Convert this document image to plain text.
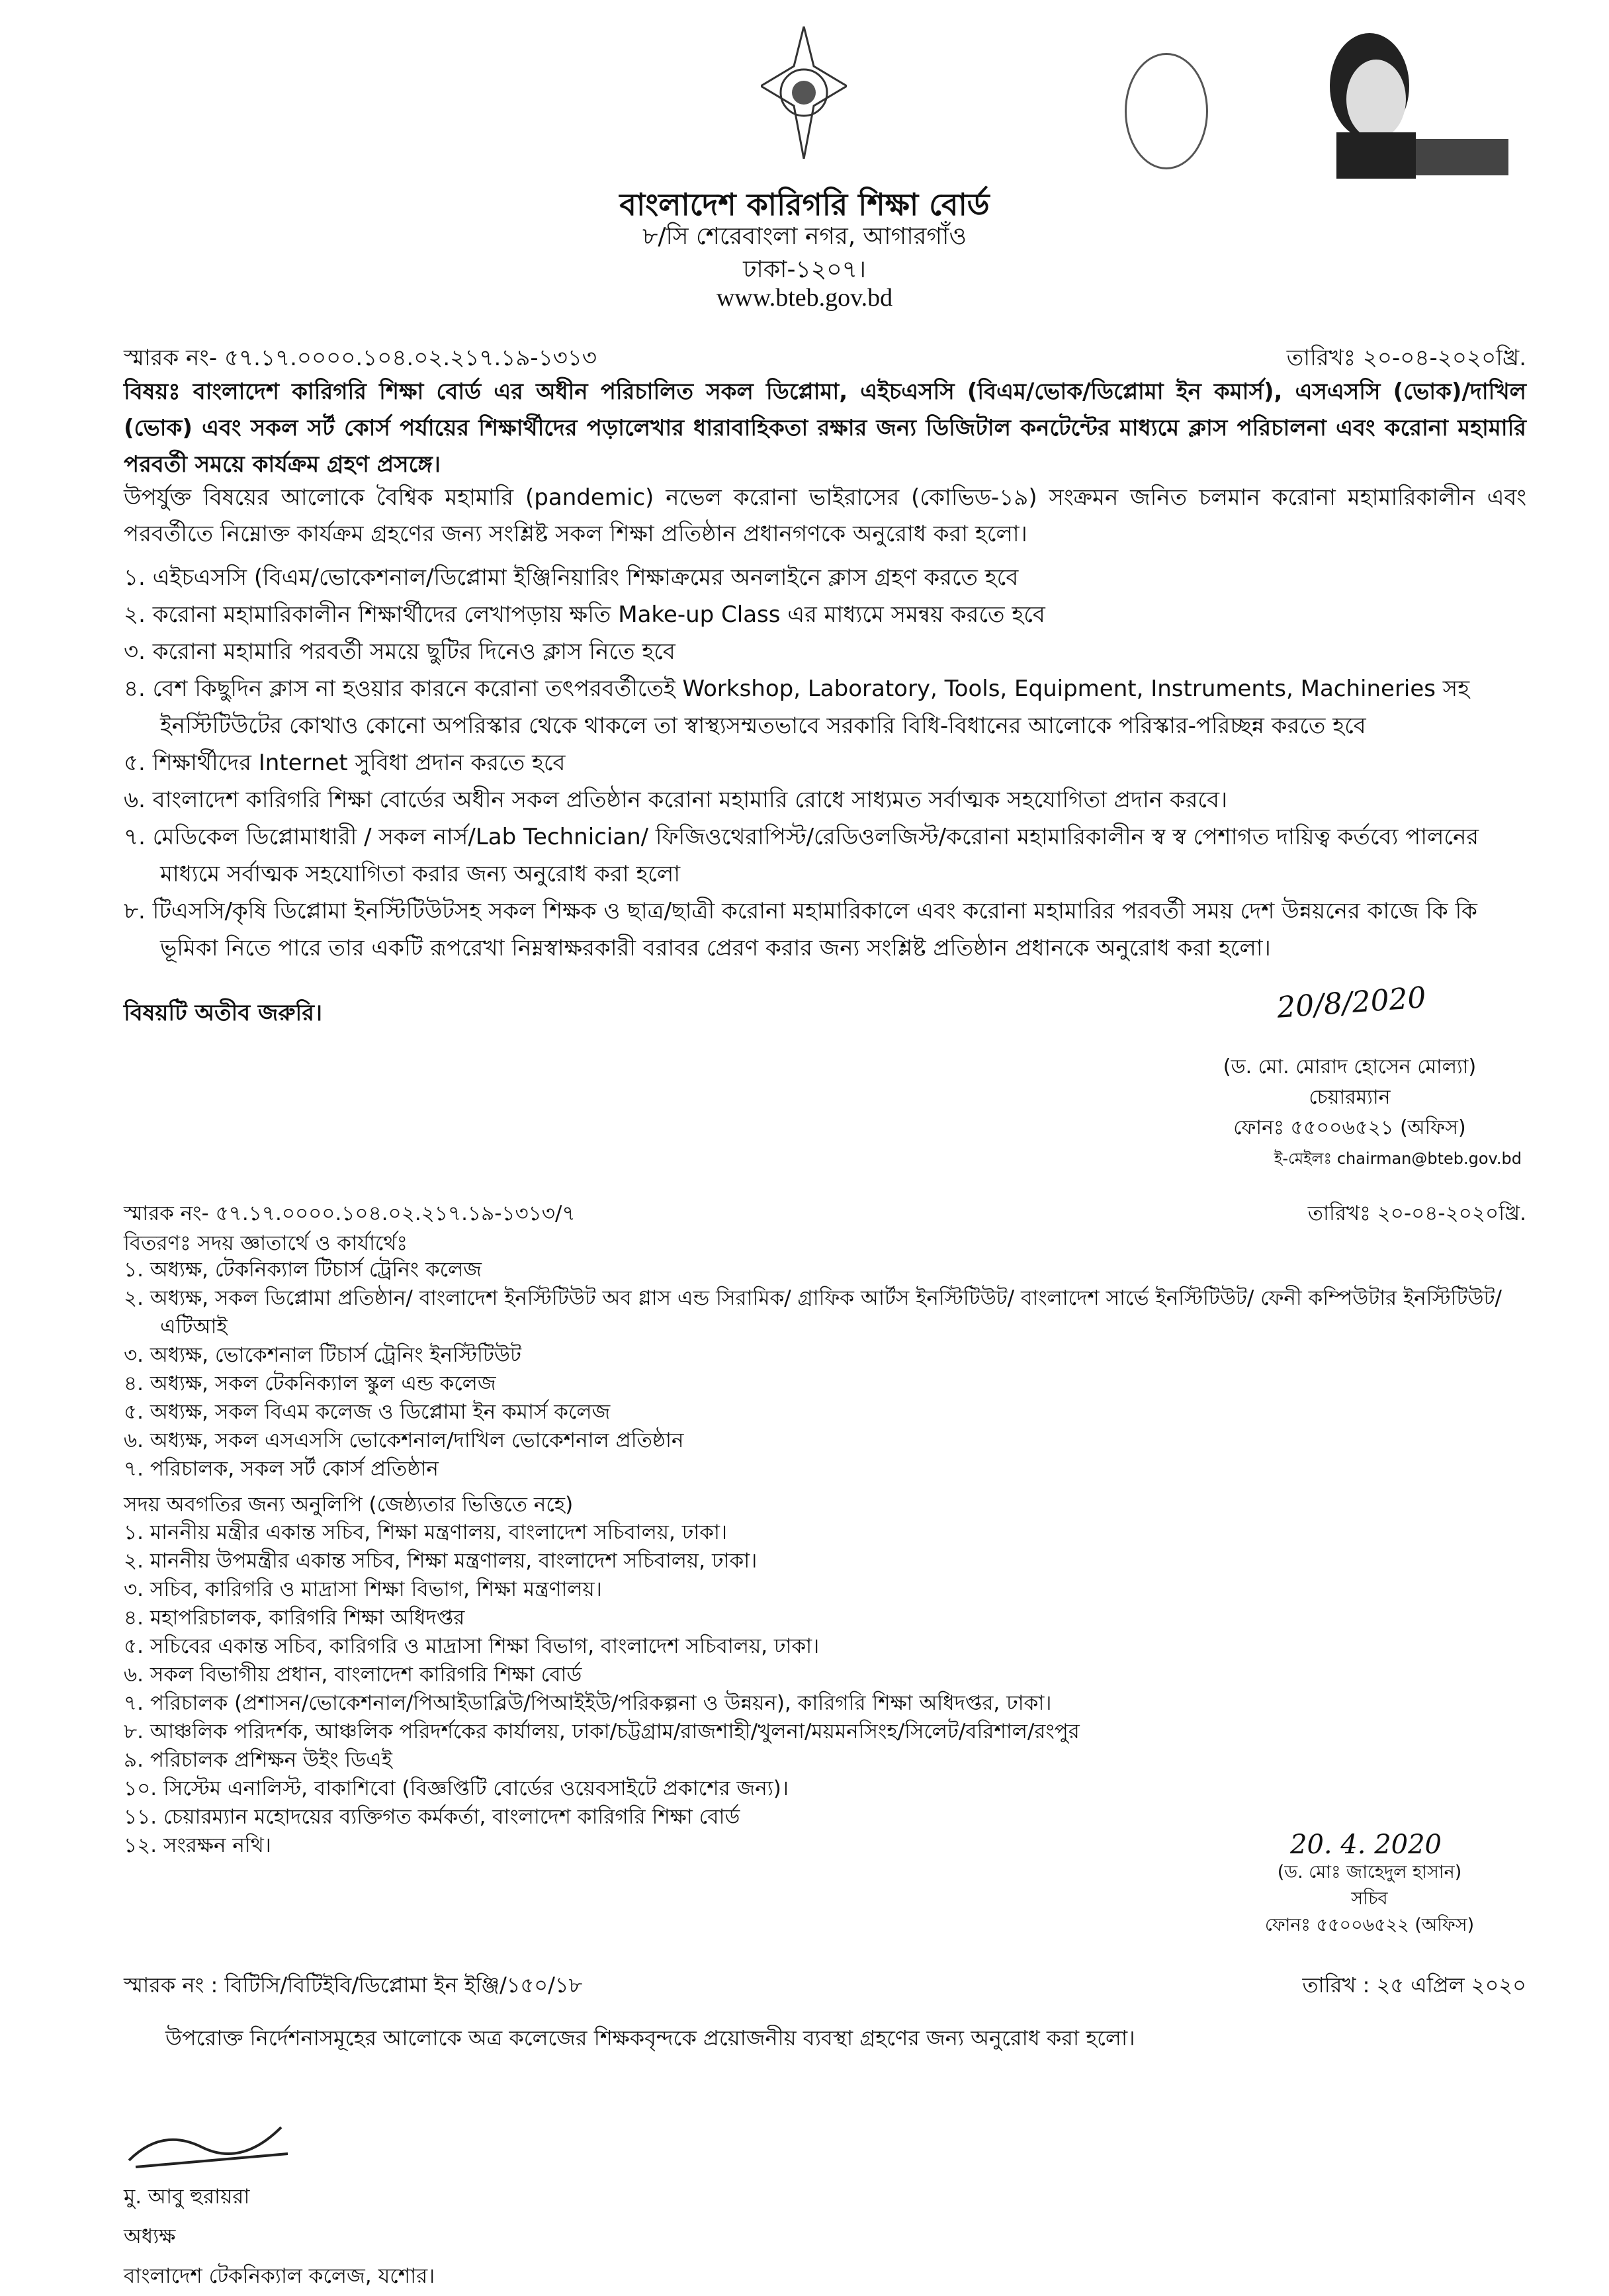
বাংলাদেশ কারিগরি শিক্ষা বোর্ড
৮/সি শেরেবাংলা নগর, আগারগাঁও
ঢাকা-১২০৭।
www.bteb.gov.bd
স্মারক নং- ৫৭.১৭.০০০০.১০৪.০২.২১৭.১৯-১৩১৩	তারিখঃ ২০-০৪-২০২০খ্রি.
বিষয়ঃ বাংলাদেশ কারিগরি শিক্ষা বোর্ড এর অধীন পরিচালিত সকল ডিপ্লোমা, এইচএসসি (বিএম/ভোক/ডিপ্লোমা ইন কমার্স), এসএসসি (ভোক)/দাখিল (ভোক) এবং সকল সর্ট কোর্স পর্যায়ের শিক্ষার্থীদের পড়ালেখার ধারাবাহিকতা রক্ষার জন্য ডিজিটাল কনটেন্টের মাধ্যমে ক্লাস পরিচালনা এবং করোনা মহামারি পরবর্তী সময়ে কার্যক্রম গ্রহণ প্রসঙ্গে।
উপর্যুক্ত বিষয়ের আলোকে বৈশ্বিক মহামারি (pandemic) নভেল করোনা ভাইরাসের (কোভিড-১৯) সংক্রমন জনিত চলমান করোনা মহামারিকালীন এবং পরবর্তীতে নিম্নোক্ত কার্যক্রম গ্রহণের জন্য সংশ্লিষ্ট সকল শিক্ষা প্রতিষ্ঠান প্রধানগণকে অনুরোধ করা হলো।
১. এইচএসসি (বিএম/ভোকেশনাল/ডিপ্লোমা ইঞ্জিনিয়ারিং শিক্ষাক্রমের অনলাইনে ক্লাস গ্রহণ করতে হবে
২. করোনা মহামারিকালীন শিক্ষার্থীদের লেখাপড়ায় ক্ষতি Make-up Class এর মাধ্যমে সমন্বয় করতে হবে
৩. করোনা মহামারি পরবর্তী সময়ে ছুটির দিনেও ক্লাস নিতে হবে
৪. বেশ কিছুদিন ক্লাস না হওয়ার কারনে করোনা তৎপরবর্তীতেই Workshop, Laboratory, Tools, Equipment, Instruments, Machineries সহ ইনস্টিটিউটের কোথাও কোনো অপরিস্কার থেকে থাকলে তা স্বাস্থ্যসম্মতভাবে সরকারি বিধি-বিধানের আলোকে পরিস্কার-পরিচ্ছন্ন করতে হবে
৫. শিক্ষার্থীদের Internet সুবিধা প্রদান করতে হবে
৬. বাংলাদেশ কারিগরি শিক্ষা বোর্ডের অধীন সকল প্রতিষ্ঠান করোনা মহামারি রোধে সাধ্যমত সর্বাত্মক সহযোগিতা প্রদান করবে।
৭. মেডিকেল ডিপ্লোমাধারী / সকল নার্স/Lab Technician/ ফিজিওথেরাপিস্ট/রেডিওলজিস্ট/করোনা মহামারিকালীন স্ব স্ব পেশাগত দায়িত্ব কর্তব্যে পালনের মাধ্যমে সর্বাত্মক সহযোগিতা করার জন্য অনুরোধ করা হলো
৮. টিএসসি/কৃষি ডিপ্লোমা ইনস্টিটিউটসহ সকল শিক্ষক ও ছাত্র/ছাত্রী করোনা মহামারিকালে এবং করোনা মহামারির পরবর্তী সময় দেশ উন্নয়নের কাজে কি কি ভূমিকা নিতে পারে তার একটি রূপরেখা নিম্নস্বাক্ষরকারী বরাবর প্রেরণ করার জন্য সংশ্লিষ্ট প্রতিষ্ঠান প্রধানকে অনুরোধ করা হলো।
বিষয়টি অতীব জরুরি।	20/8/2020
(ড. মো. মোরাদ হোসেন মোল্যা)
চেয়ারম্যান
ফোনঃ ৫৫০০৬৫২১ (অফিস)
ই-মেইলঃ chairman@bteb.gov.bd
স্মারক নং- ৫৭.১৭.০০০০.১০৪.০২.২১৭.১৯-১৩১৩/৭	তারিখঃ ২০-০৪-২০২০খ্রি.
বিতরণঃ সদয় জ্ঞাতার্থে ও কার্যার্থেঃ
১. অধ্যক্ষ, টেকনিক্যাল টিচার্স ট্রেনিং কলেজ
২. অধ্যক্ষ, সকল ডিপ্লোমা প্রতিষ্ঠান/ বাংলাদেশ ইনস্টিটিউট অব গ্লাস এন্ড সিরামিক/ গ্রাফিক আর্টস ইনস্টিটিউট/ বাংলাদেশ সার্ভে ইনস্টিটিউট/ ফেনী কম্পিউটার ইনস্টিটিউট/ এটিআই
৩. অধ্যক্ষ, ভোকেশনাল টিচার্স ট্রেনিং ইনস্টিটিউট
৪. অধ্যক্ষ, সকল টেকনিক্যাল স্কুল এন্ড কলেজ
৫. অধ্যক্ষ, সকল বিএম কলেজ ও ডিপ্লোমা ইন কমার্স কলেজ
৬. অধ্যক্ষ, সকল এসএসসি ভোকেশনাল/দাখিল ভোকেশনাল প্রতিষ্ঠান
৭. পরিচালক, সকল সর্ট কোর্স প্রতিষ্ঠান
সদয় অবগতির জন্য অনুলিপি (জেষ্ঠ্যতার ভিত্তিতে নহে)
১. মাননীয় মন্ত্রীর একান্ত সচিব, শিক্ষা মন্ত্রণালয়, বাংলাদেশ সচিবালয়, ঢাকা।
২. মাননীয় উপমন্ত্রীর একান্ত সচিব, শিক্ষা মন্ত্রণালয়, বাংলাদেশ সচিবালয়, ঢাকা।
৩. সচিব, কারিগরি ও মাদ্রাসা শিক্ষা বিভাগ, শিক্ষা মন্ত্রণালয়।
৪. মহাপরিচালক, কারিগরি শিক্ষা অধিদপ্তর
৫. সচিবের একান্ত সচিব, কারিগরি ও মাদ্রাসা শিক্ষা বিভাগ, বাংলাদেশ সচিবালয়, ঢাকা।
৬. সকল বিভাগীয় প্রধান, বাংলাদেশ কারিগরি শিক্ষা বোর্ড
৭. পরিচালক (প্রশাসন/ভোকেশনাল/পিআইডাব্লিউ/পিআইইউ/পরিকল্পনা ও উন্নয়ন), কারিগরি শিক্ষা অধিদপ্তর, ঢাকা।
৮. আঞ্চলিক পরিদর্শক, আঞ্চলিক পরিদর্শকের কার্যালয়, ঢাকা/চট্টগ্রাম/রাজশাহী/খুলনা/ময়মনসিংহ/সিলেট/বরিশাল/রংপুর
৯. পরিচালক প্রশিক্ষন উইং ডিএই
১০. সিস্টেম এনালিস্ট, বাকাশিবো (বিজ্ঞপ্তিটি বোর্ডের ওয়েবসাইটে প্রকাশের জন্য)।
১১. চেয়ারম্যান মহোদয়ের ব্যক্তিগত কর্মকর্তা, বাংলাদেশ কারিগরি শিক্ষা বোর্ড
১২. সংরক্ষন নথি।	20. 4. 2020
(ড. মোঃ জাহেদুল হাসান)
সচিব
ফোনঃ ৫৫০০৬৫২২ (অফিস)
স্মারক নং : বিটিসি/বিটিইবি/ডিপ্লোমা ইন ইঞ্জি/১৫০/১৮	তারিখ : ২৫ এপ্রিল ২০২০
উপরোক্ত নির্দেশনাসমূহের আলোকে অত্র কলেজের শিক্ষকবৃন্দকে প্রয়োজনীয় ব্যবস্থা গ্রহণের জন্য অনুরোধ করা হলো।
মু. আবু হুরায়রা
অধ্যক্ষ
বাংলাদেশ টেকনিক্যাল কলেজ, যশোর।
